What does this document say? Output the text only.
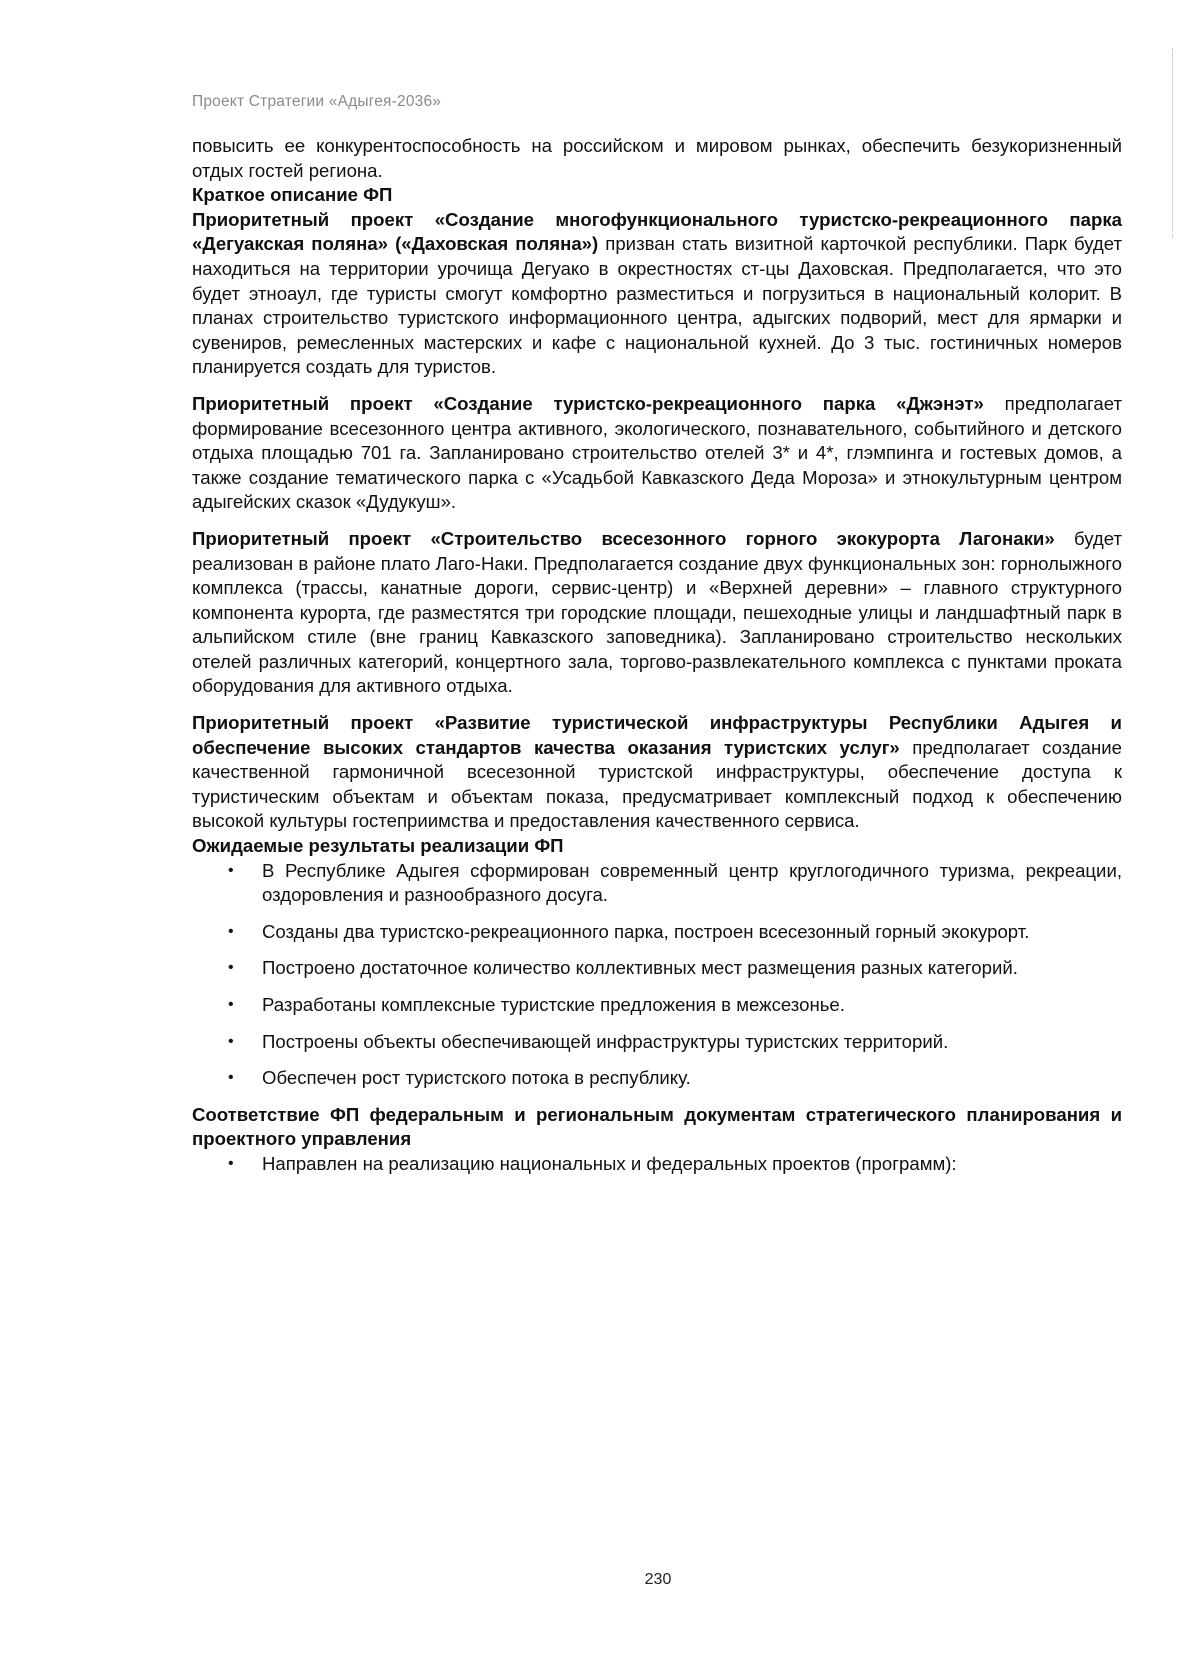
Проект Стратегии «Адыгея-2036»

повысить ее конкурентоспособность на российском и мировом рынках, обеспечить безукоризненный отдых гостей региона.

Краткое описание ФП

Приоритетный проект «Создание многофункционального туристско-рекреационного парка «Дегуакская поляна» («Даховская поляна») призван стать визитной карточкой республики. Парк будет находиться на территории урочища Дегуако в окрестностях ст-цы Даховская. Предполагается, что это будет этноаул, где туристы смогут комфортно разместиться и погрузиться в национальный колорит. В планах строительство туристского информационного центра, адыгских подворий, мест для ярмарки и сувениров, ремесленных мастерских и кафе с национальной кухней. До 3 тыс. гостиничных номеров планируется создать для туристов.

Приоритетный проект «Создание туристско-рекреационного парка «Джэнэт» предполагает формирование всесезонного центра активного, экологического, познавательного, событийного и детского отдыха площадью 701 га. Запланировано строительство отелей 3* и 4*, глэмпинга и гостевых домов, а также создание тематического парка с «Усадьбой Кавказского Деда Мороза» и этнокультурным центром адыгейских сказок «Дудукуш».

Приоритетный проект «Строительство всесезонного горного экокурорта Лагонаки» будет реализован в районе плато Лаго-Наки. Предполагается создание двух функциональных зон: горнолыжного комплекса (трассы, канатные дороги, сервис-центр) и «Верхней деревни» – главного структурного компонента курорта, где разместятся три городские площади, пешеходные улицы и ландшафтный парк в альпийском стиле (вне границ Кавказского заповедника). Запланировано строительство нескольких отелей различных категорий, концертного зала, торгово-развлекательного комплекса с пунктами проката оборудования для активного отдыха.

Приоритетный проект «Развитие туристической инфраструктуры Республики Адыгея и обеспечение высоких стандартов качества оказания туристских услуг» предполагает создание качественной гармоничной всесезонной туристской инфраструктуры, обеспечение доступа к туристическим объектам и объектам показа, предусматривает комплексный подход к обеспечению высокой культуры гостеприимства и предоставления качественного сервиса.

Ожидаемые результаты реализации ФП

• В Республике Адыгея сформирован современный центр круглогодичного туризма, рекреации, оздоровления и разнообразного досуга.
• Созданы два туристско-рекреационного парка, построен всесезонный горный экокурорт.
• Построено достаточное количество коллективных мест размещения разных категорий.
• Разработаны комплексные туристские предложения в межсезонье.
• Построены объекты обеспечивающей инфраструктуры туристских территорий.
• Обеспечен рост туристского потока в республику.

Соответствие ФП федеральным и региональным документам стратегического планирования и проектного управления

• Направлен на реализацию национальных и федеральных проектов (программ):
230
